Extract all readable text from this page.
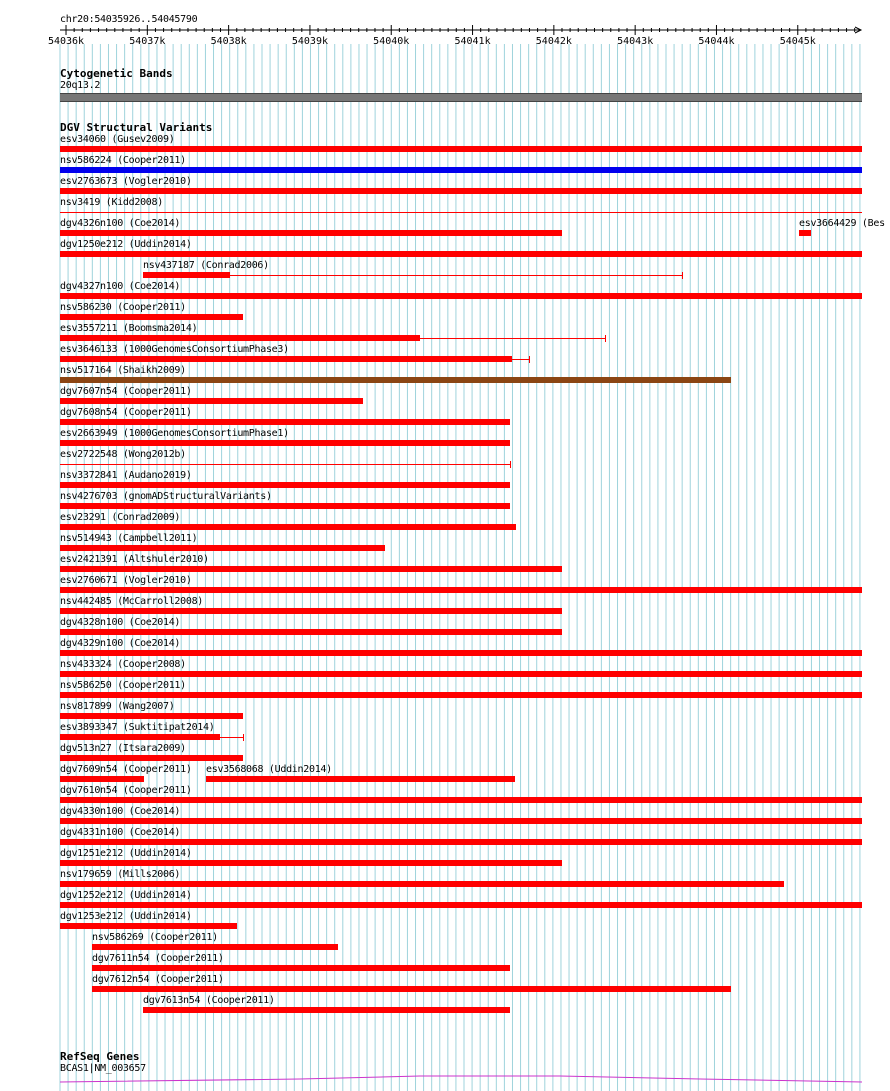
chr20:54035926..54045790
54036k	54037k	54038k	54039k	54040k	54041k	54042k	54043k	54044k	54045k
Cytogenetic Bands
20q13.2
DGV Structural Variants
esv34060 (Gusev2009)
nsv586224 (Cooper2011)
esv2763673 (Vogler2010)
nsv3419 (Kidd2008)
dgv4326n100 (Coe2014)	esv3664429 (Bes
dgv1250e212 (Uddin2014)
nsv437187 (Conrad2006)
dgv4327n100 (Coe2014)
nsv586230 (Cooper2011)
esv3557211 (Boomsma2014)
esv3646133 (1000GenomesConsortiumPhase3)
nsv517164 (Shaikh2009)
dgv7607n54 (Cooper2011)
dgv7608n54 (Cooper2011)
esv2663949 (1000GenomesConsortiumPhase1)
esv2722548 (Wong2012b)
nsv3372841 (Audano2019)
nsv4276703 (gnomADStructuralVariants)
esv23291 (Conrad2009)
nsv514943 (Campbell2011)
esv2421391 (Altshuler2010)
esv2760671 (Vogler2010)
nsv442485 (McCarroll2008)
dgv4328n100 (Coe2014)
dgv4329n100 (Coe2014)
nsv433324 (Cooper2008)
nsv586250 (Cooper2011)
nsv817899 (Wang2007)
esv3893347 (Suktitipat2014)
dgv513n27 (Itsara2009)
dgv7609n54 (Cooper2011) esv3568068 (Uddin2014)
dgv7610n54 (Cooper2011)
dgv4330n100 (Coe2014)
dgv4331n100 (Coe2014)
dgv1251e212 (Uddin2014)
nsv179659 (Mills2006)
dgv1252e212 (Uddin2014)
dgv1253e212 (Uddin2014)
nsv586269 (Cooper2011)
dgv7611n54 (Cooper2011)
dgv7612n54 (Cooper2011)
dgv7613n54 (Cooper2011)
RefSeq Genes
BCAS1|NM_003657
